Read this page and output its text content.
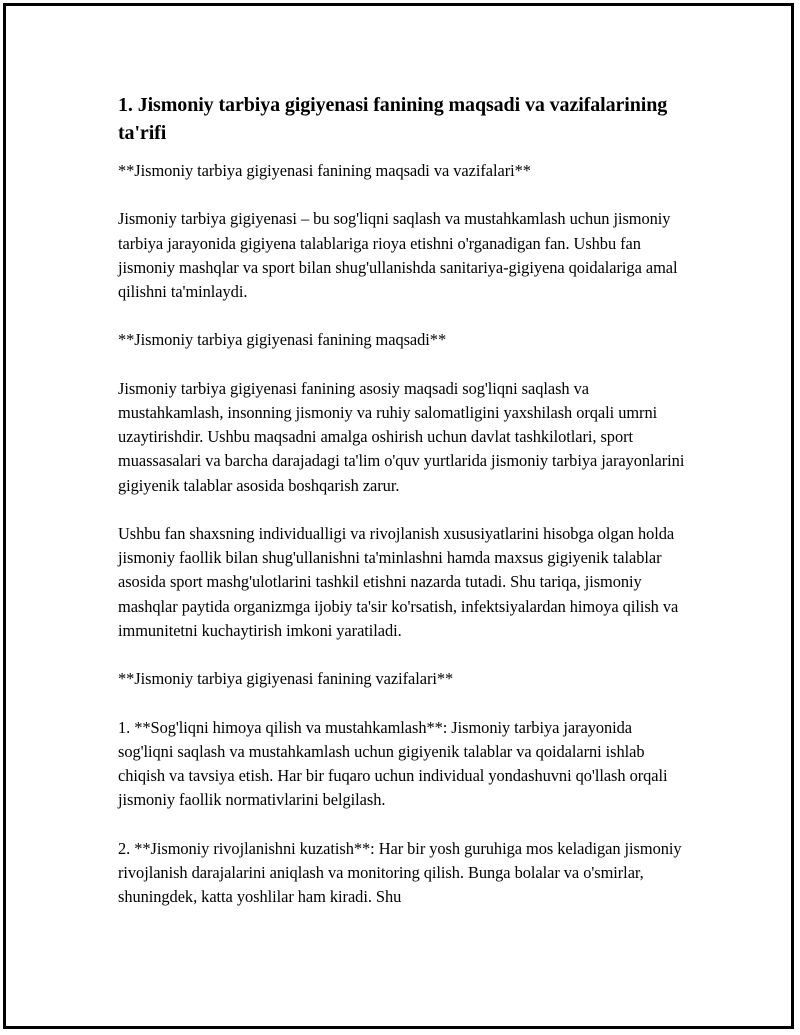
1. Jismoniy tarbiya gigiyenasi fanining maqsadi va vazifalarining ta'rifi

**Jismoniy tarbiya gigiyenasi fanining maqsadi va vazifalari**

Jismoniy tarbiya gigiyenasi – bu sog'liqni saqlash va mustahkamlash uchun jismoniy tarbiya jarayonida gigiyena talablariga rioya etishni o'rganadigan fan. Ushbu fan jismoniy mashqlar va sport bilan shug'ullanishda sanitariya-gigiyena qoidalariga amal qilishni ta'minlaydi.

**Jismoniy tarbiya gigiyenasi fanining maqsadi**

Jismoniy tarbiya gigiyenasi fanining asosiy maqsadi sog'liqni saqlash va mustahkamlash, insonning jismoniy va ruhiy salomatligini yaxshilash orqali umrni uzaytirishdir. Ushbu maqsadni amalga oshirish uchun davlat tashkilotlari, sport muassasalari va barcha darajadagi ta'lim o'quv yurtlarida jismoniy tarbiya jarayonlarini gigiyenik talablar asosida boshqarish zarur.

Ushbu fan shaxsning individualligi va rivojlanish xususiyatlarini hisobga olgan holda jismoniy faollik bilan shug'ullanishni ta'minlashni hamda maxsus gigiyenik talablar asosida sport mashg'ulotlarini tashkil etishni nazarda tutadi. Shu tariqa, jismoniy mashqlar paytida organizmga ijobiy ta'sir ko'rsatish, infektsiyalardan himoya qilish va immunitetni kuchaytirish imkoni yaratiladi.

**Jismoniy tarbiya gigiyenasi fanining vazifalari**

1. **Sog'liqni himoya qilish va mustahkamlash**: Jismoniy tarbiya jarayonida sog'liqni saqlash va mustahkamlash uchun gigiyenik talablar va qoidalarni ishlab chiqish va tavsiya etish. Har bir fuqaro uchun individual yondashuvni qo'llash orqali jismoniy faollik normativlarini belgilash.

2. **Jismoniy rivojlanishni kuzatish**: Har bir yosh guruhiga mos keladigan jismoniy rivojlanish darajalarini aniqlash va monitoring qilish. Bunga bolalar va o'smirlar, shuningdek, katta yoshlilar ham kiradi. Shu
